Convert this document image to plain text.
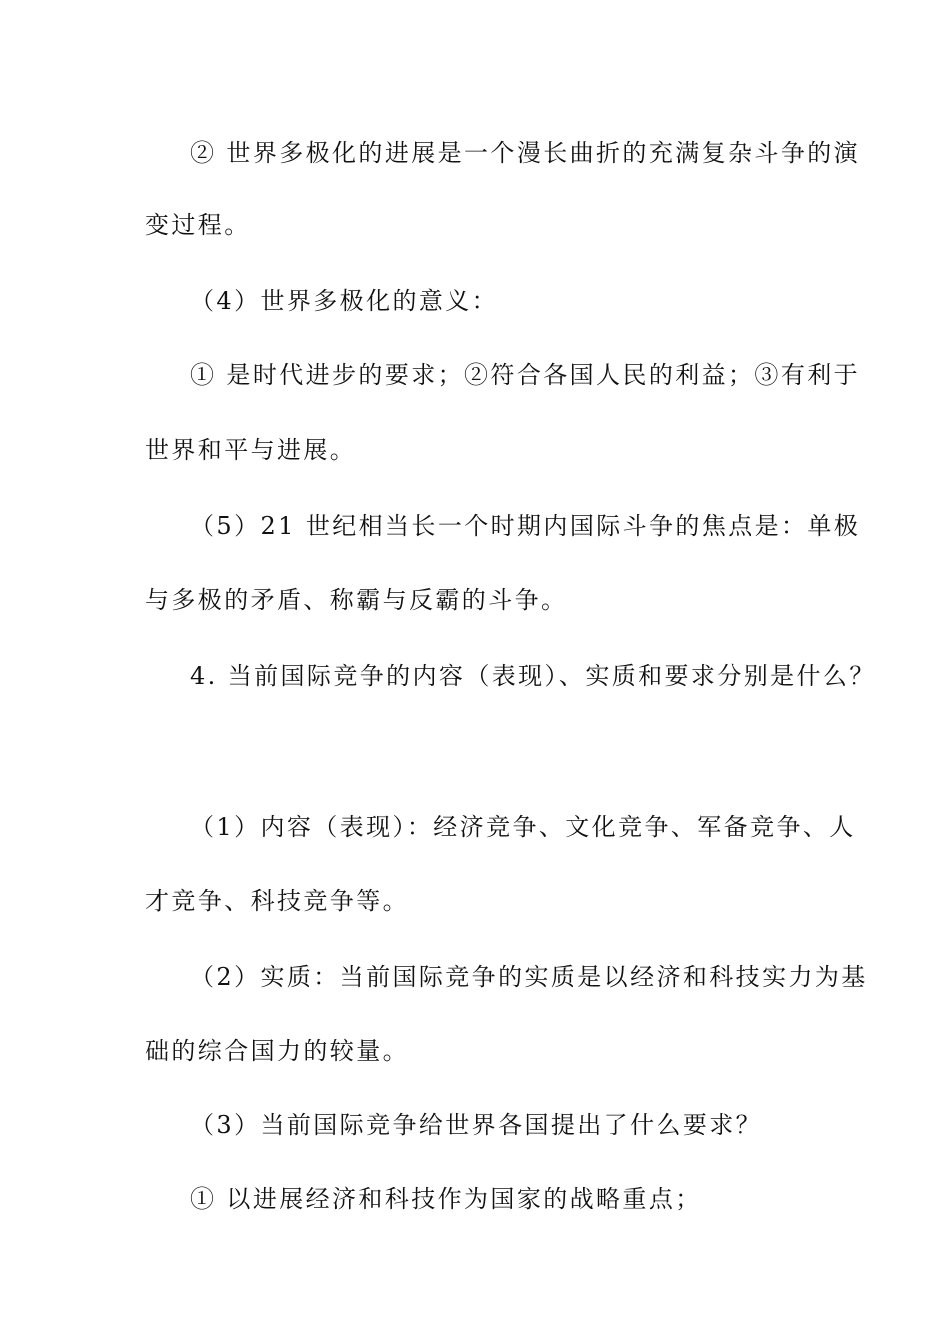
② 世界多极化的进展是一个漫长曲折的充满复杂斗争的演
变过程。
（4）世界多极化的意义：
① 是时代进步的要求；②符合各国人民的利益；③有利于
世界和平与进展。
（5）21 世纪相当长一个时期内国际斗争的焦点是：单极
与多极的矛盾、称霸与反霸的斗争。
4. 当前国际竞争的内容（表现）、实质和要求分别是什么？
（1）内容（表现）：经济竞争、文化竞争、军备竞争、人
才竞争、科技竞争等。
（2）实质：当前国际竞争的实质是以经济和科技实力为基
础的综合国力的较量。
（3）当前国际竞争给世界各国提出了什么要求？
① 以进展经济和科技作为国家的战略重点；
